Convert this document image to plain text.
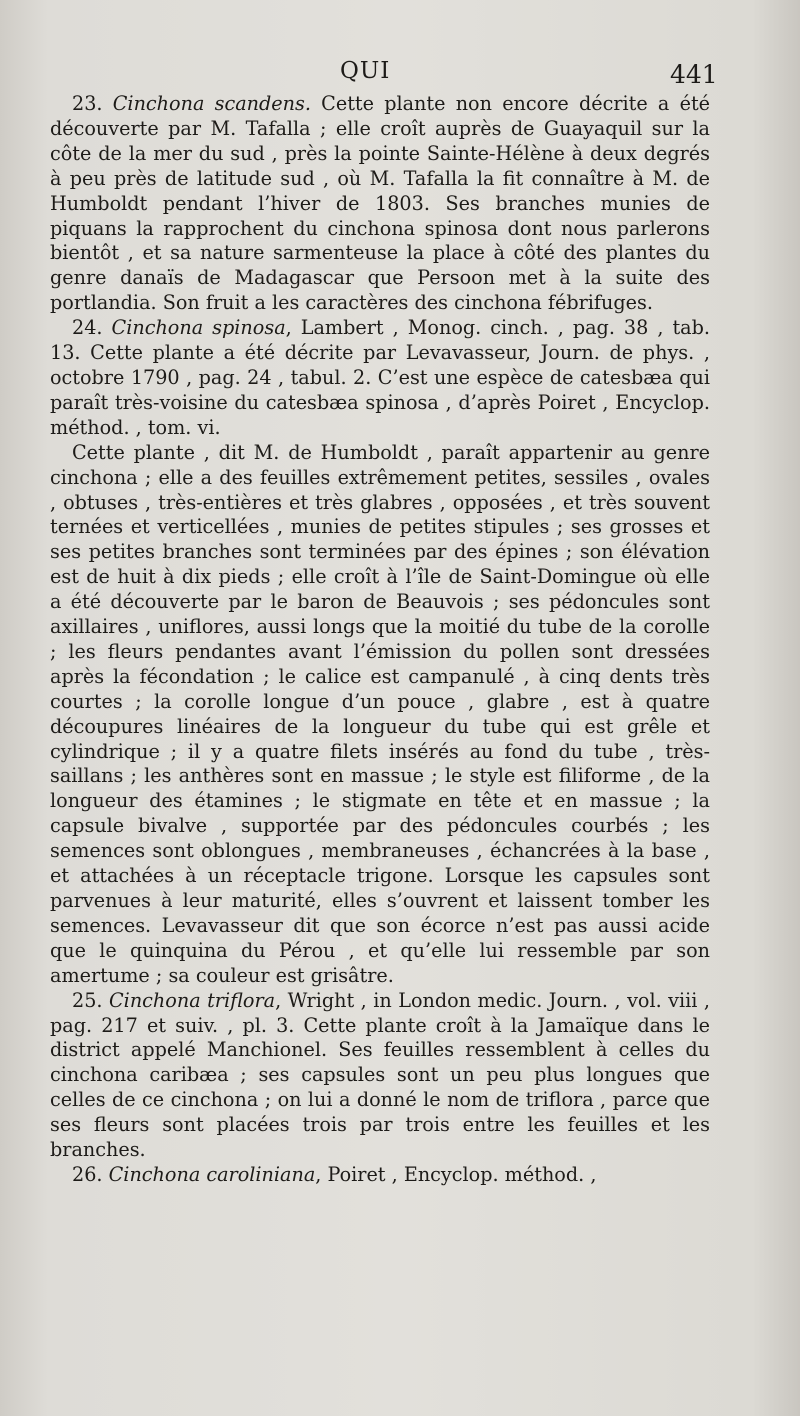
QUI	441

23. Cinchona scandens. Cette plante non encore décrite a été découverte par M. Tafalla ; elle croît auprès de Guayaquil sur la côte de la mer du sud , près la pointe Sainte-Hélène à deux degrés à peu près de latitude sud , où M. Tafalla la fit connaître à M. de Humboldt pendant l’hiver de 1803. Ses branches munies de piquans la rapprochent du cinchona spinosa dont nous parlerons bientôt , et sa nature sarmenteuse la place à côté des plantes du genre danaïs de Madagascar que Persoon met à la suite des portlandia. Son fruit a les caractères des cinchona fébrifuges.

24. Cinchona spinosa, Lambert , Monog. cinch. , pag. 38 , tab. 13. Cette plante a été décrite par Levavasseur, Journ. de phys. , octobre 1790 , pag. 24 , tabul. 2. C’est une espèce de catesbæa qui paraît très-voisine du catesbæa spinosa , d’après Poiret , Encyclop. méthod. , tom. vi.

Cette plante , dit M. de Humboldt , paraît appartenir au genre cinchona ; elle a des feuilles extrêmement petites, sessiles , ovales , obtuses , très-entières et très glabres , opposées , et très souvent ternées et verticellées , munies de petites stipules ; ses grosses et ses petites branches sont terminées par des épines ; son élévation est de huit à dix pieds ; elle croît à l’île de Saint-Domingue où elle a été découverte par le baron de Beauvois ; ses pédoncules sont axillaires , uniflores, aussi longs que la moitié du tube de la corolle ; les fleurs pendantes avant l’émission du pollen sont dressées après la fécondation ; le calice est campanulé , à cinq dents très courtes ; la corolle longue d’un pouce , glabre , est à quatre découpures linéaires de la longueur du tube qui est grêle et cylindrique ; il y a quatre filets insérés au fond du tube , très-saillans ; les anthères sont en massue ; le style est filiforme , de la longueur des étamines ; le stigmate en tête et en massue ; la capsule bivalve , supportée par des pédoncules courbés ; les semences sont oblongues , membraneuses , échancrées à la base , et attachées à un réceptacle trigone. Lorsque les capsules sont parvenues à leur maturité, elles s’ouvrent et laissent tomber les semences. Levavasseur dit que son écorce n’est pas aussi acide que le quinquina du Pérou , et qu’elle lui ressemble par son amertume ; sa couleur est grisâtre.

25. Cinchona triflora, Wright , in London medic. Journ. , vol. viii , pag. 217 et suiv. , pl. 3. Cette plante croît à la Jamaïque dans le district appelé Manchionel. Ses feuilles ressemblent à celles du cinchona caribæa ; ses capsules sont un peu plus longues que celles de ce cinchona ; on lui a donné le nom de triflora , parce que ses fleurs sont placées trois par trois entre les feuilles et les branches.

26. Cinchona caroliniana, Poiret , Encyclop. méthod. ,
